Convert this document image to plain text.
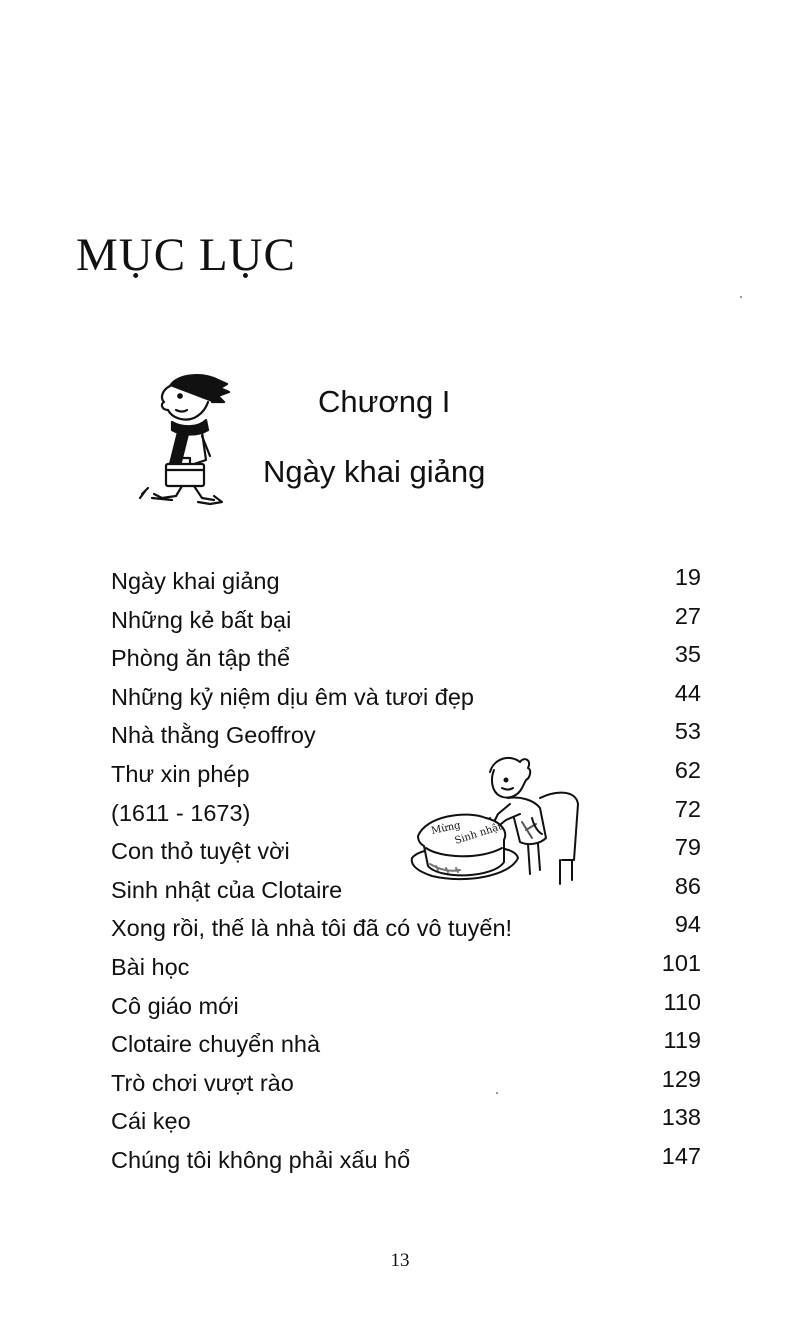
MỤC LỤC
Chương I
Ngày khai giảng
Ngày khai giảng	19
Những kẻ bất bại	27
Phòng ăn tập thể	35
Những kỷ niệm dịu êm và tươi đẹp	44
Nhà thằng Geoffroy	53
Thư xin phép	62
(1611 - 1673)	72
Con thỏ tuyệt vời	79
Sinh nhật của Clotaire	86
Xong rồi, thế là nhà tôi đã có vô tuyến!	94
Bài học	101
Cô giáo mới	110
Clotaire chuyển nhà	119
Trò chơi vượt rào	129
Cái kẹo	138
Chúng tôi không phải xấu hổ	147
Mừng
Sinh nhật
13
